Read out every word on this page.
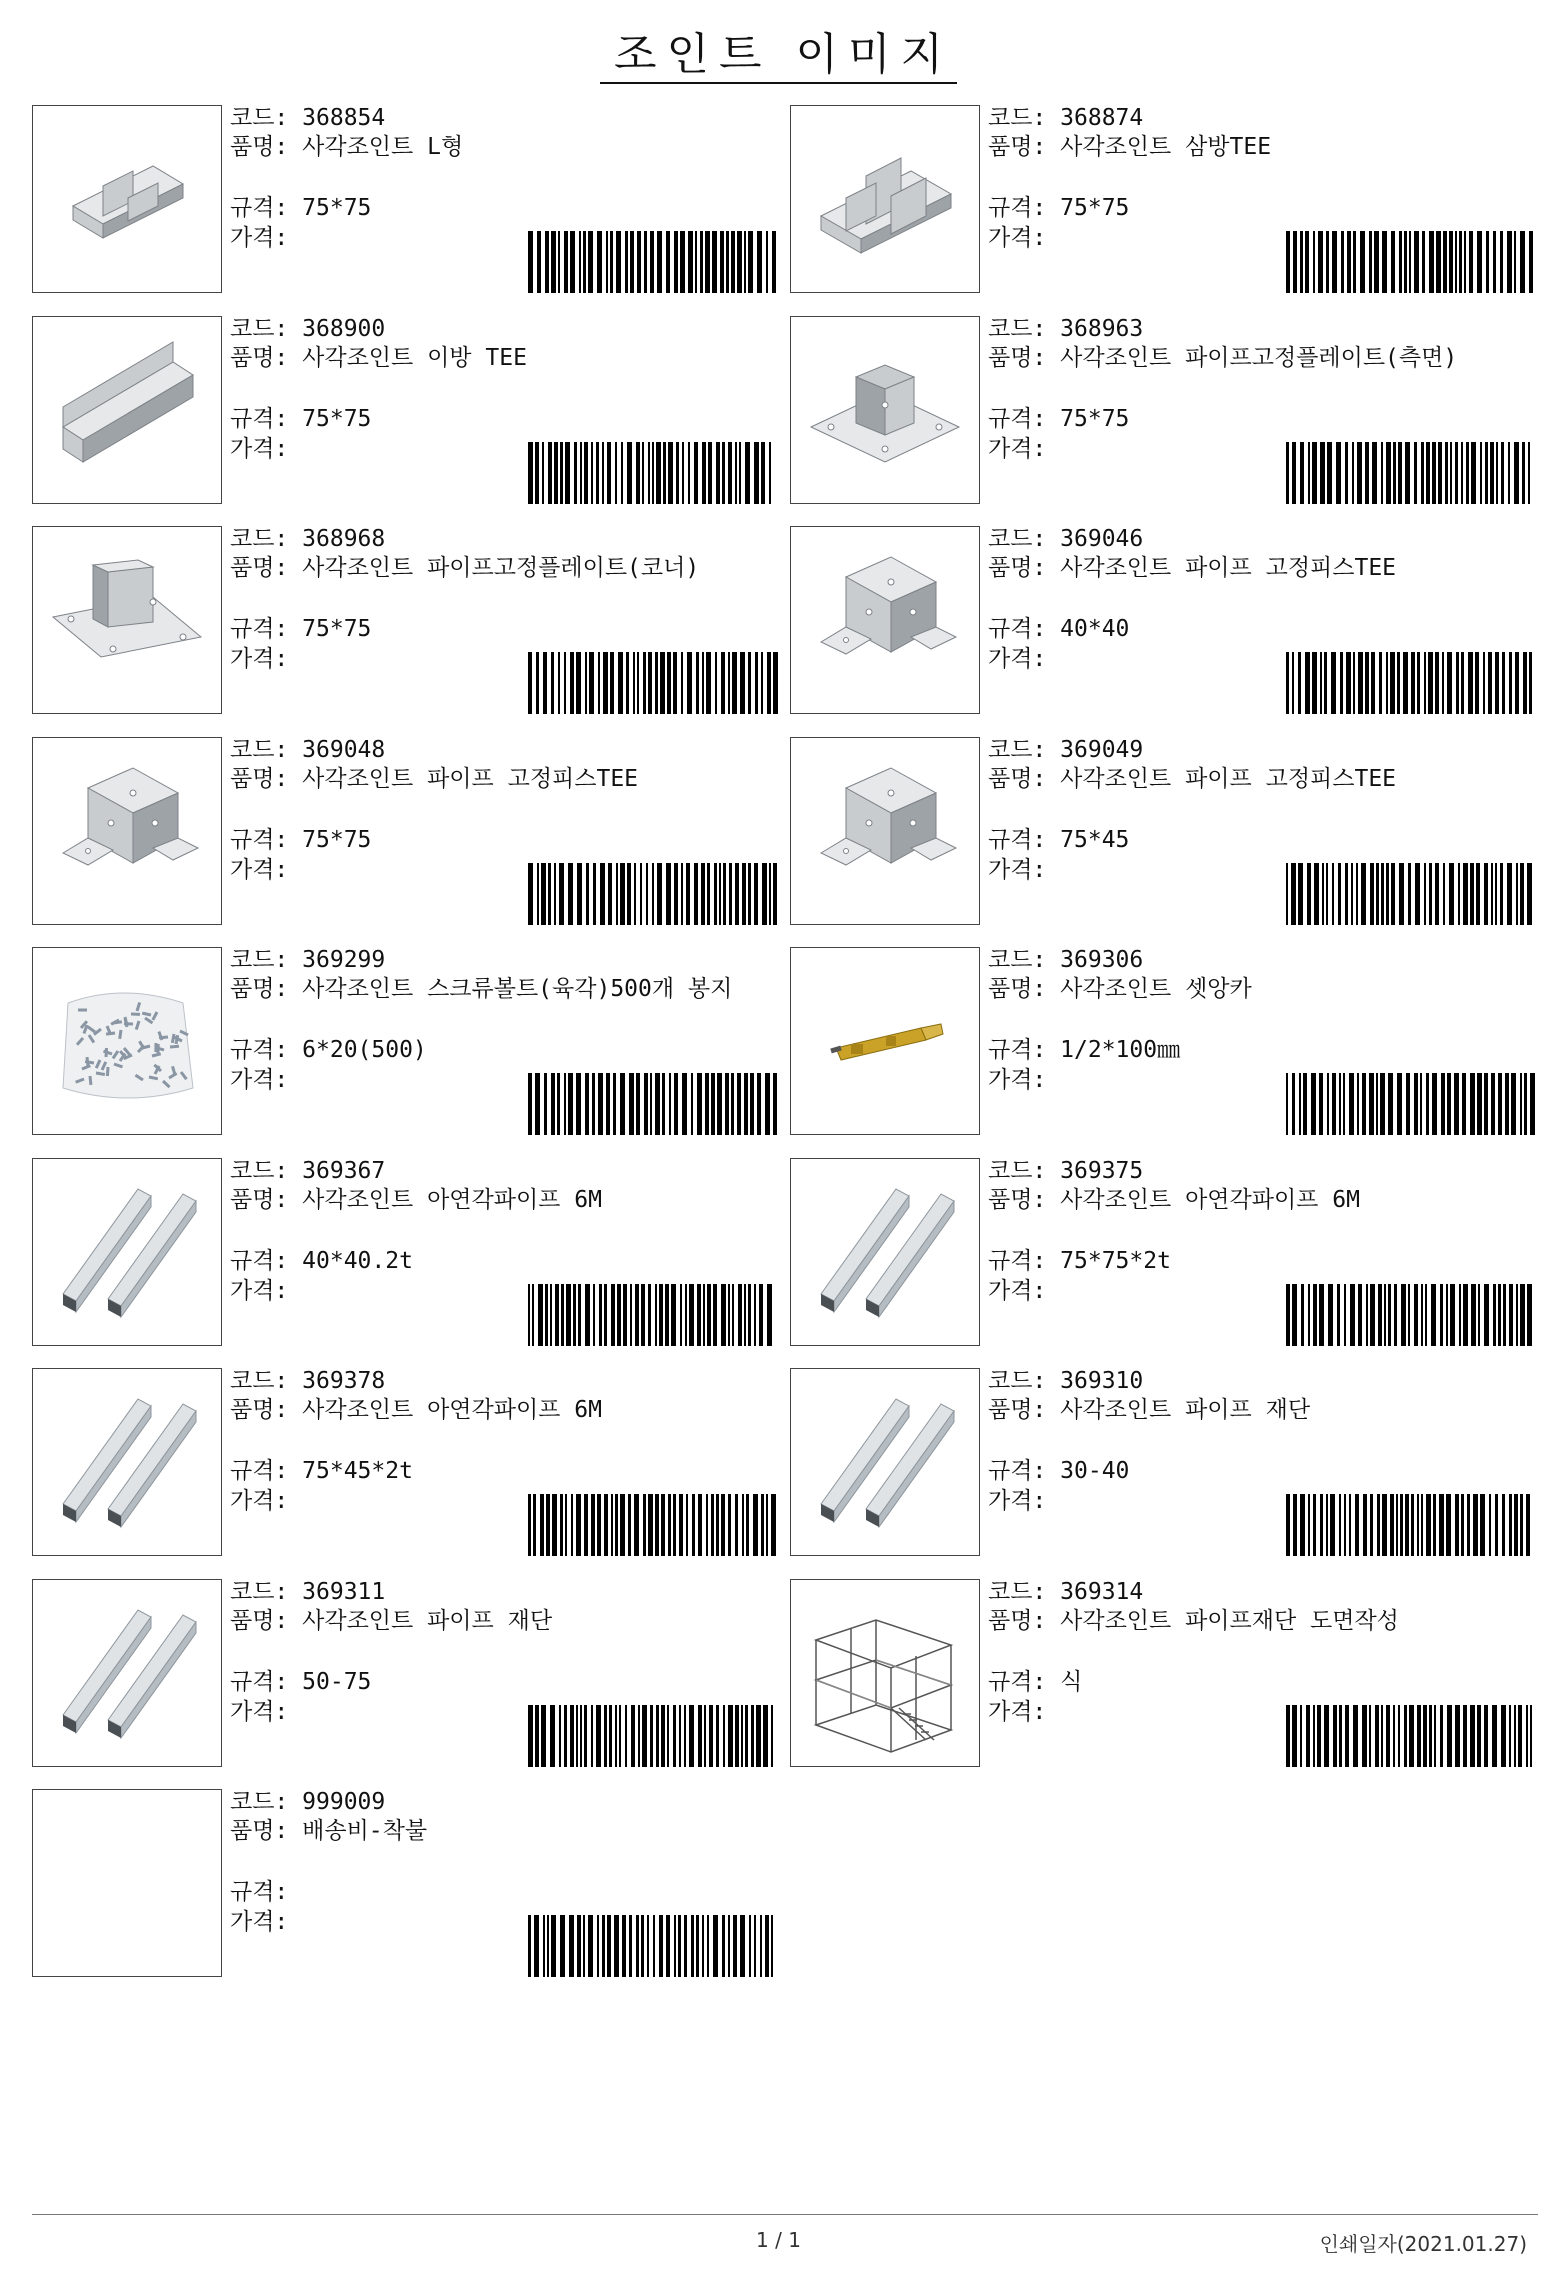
조인트 이미지
코드: 368854
품명: 사각조인트 L형
규격: 75*75
가격:
코드: 368874
품명: 사각조인트 삼방TEE
규격: 75*75
가격:
코드: 368900
품명: 사각조인트 이방 TEE
규격: 75*75
가격:
코드: 368963
품명: 사각조인트 파이프고정플레이트(측면)
규격: 75*75
가격:
코드: 368968
품명: 사각조인트 파이프고정플레이트(코너)
규격: 75*75
가격:
코드: 369046
품명: 사각조인트 파이프 고정피스TEE
규격: 40*40
가격:
코드: 369048
품명: 사각조인트 파이프 고정피스TEE
규격: 75*75
가격:
코드: 369049
품명: 사각조인트 파이프 고정피스TEE
규격: 75*45
가격:
코드: 369299
품명: 사각조인트 스크류볼트(육각)500개 봉지
규격: 6*20(500)
가격:
코드: 369306
품명: 사각조인트 셋앙카
규격: 1/2*100㎜
가격:
코드: 369367
품명: 사각조인트 아연각파이프 6M
규격: 40*40.2t
가격:
코드: 369375
품명: 사각조인트 아연각파이프 6M
규격: 75*75*2t
가격:
코드: 369378
품명: 사각조인트 아연각파이프 6M
규격: 75*45*2t
가격:
코드: 369310
품명: 사각조인트 파이프 재단
규격: 30-40
가격:
코드: 369311
품명: 사각조인트 파이프 재단
규격: 50-75
가격:
코드: 369314
품명: 사각조인트 파이프재단 도면작성
규격: 식
가격:
코드: 999009
품명: 배송비-착불
규격:
가격:
1 / 1	인쇄일자(2021.01.27)
